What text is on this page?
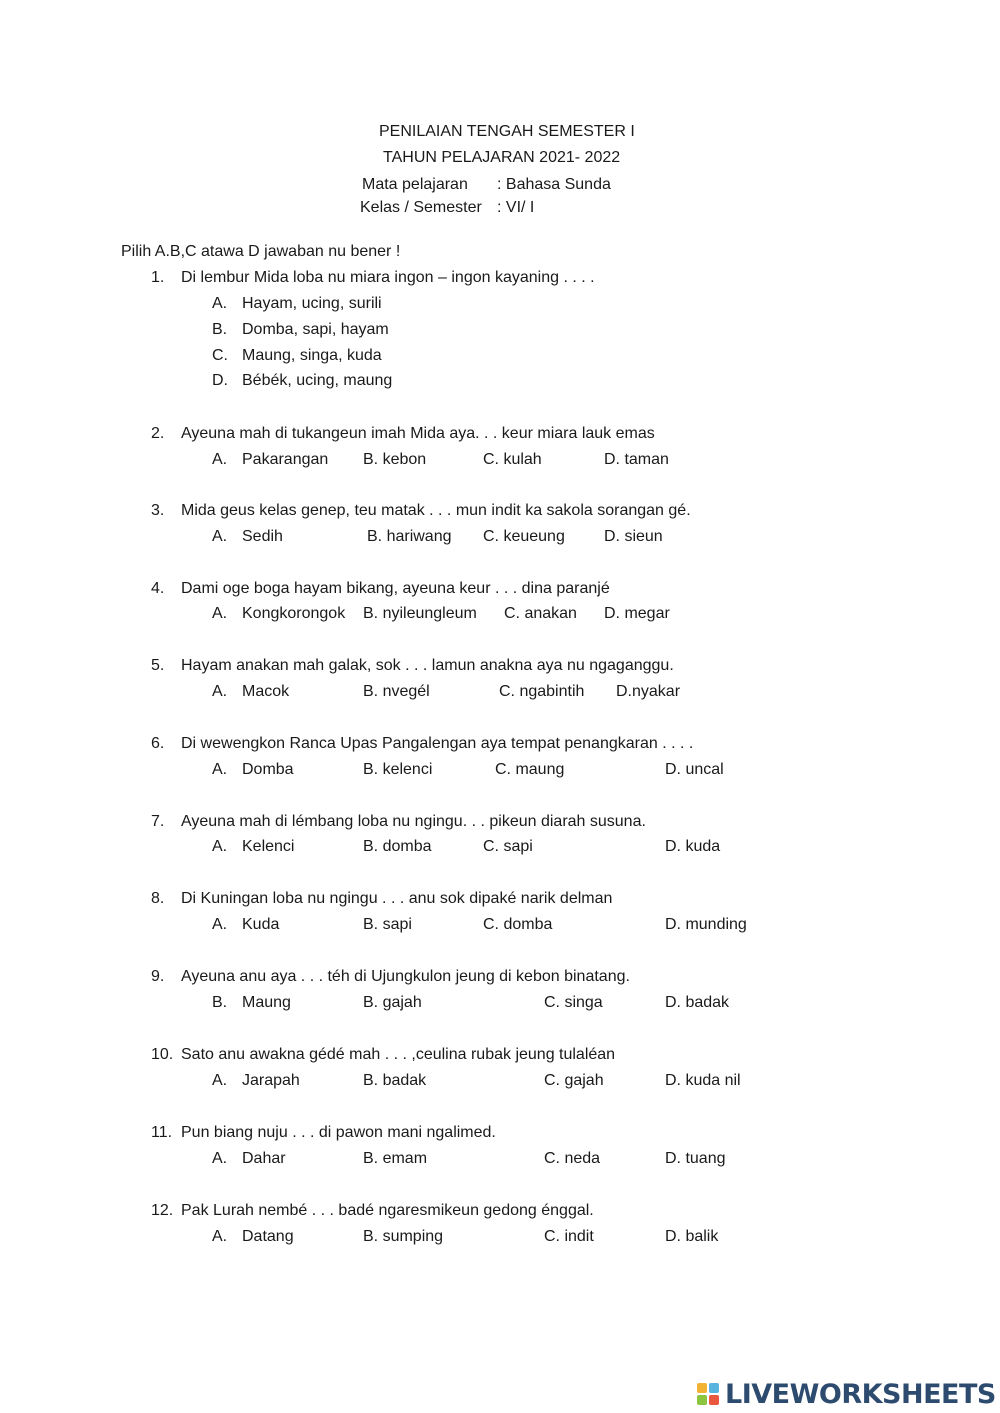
PENILAIAN TENGAH SEMESTER I
TAHUN PELAJARAN 2021- 2022
Mata pelajaran : Bahasa Sunda
Kelas / Semester : VI/ I
Pilih A.B,C atawa D jawaban nu bener !
1. Di lembur Mida loba nu miara ingon – ingon kayaning . . . .
A. Hayam, ucing, surili
B. Domba, sapi, hayam
C. Maung, singa, kuda
D. Bébék, ucing, maung
2. Ayeuna mah di tukangeun imah Mida aya. . . keur miara lauk emas
A. Pakarangan B. kebon	C. kulah	D. taman
3. Mida geus kelas genep, teu matak . . . mun indit ka sakola sorangan gé.
A. Sedih	B. hariwang C. keueung D. sieun
4. Dami oge boga hayam bikang, ayeuna keur . . . dina paranjé
A. Kongkorongok B. nyileungleum C. anakan D. megar
5. Hayam anakan mah galak, sok . . . lamun anakna aya nu ngaganggu.
A. Macok	B. nvegél	C. ngabintih D.nyakar
6. Di wewengkon Ranca Upas Pangalengan aya tempat penangkaran . . . .
A. Domba	B. kelenci	C. maung	D. uncal
7. Ayeuna mah di lémbang loba nu ngingu. . . pikeun diarah susuna.
A. Kelenci	B. domba	C. sapi	D. kuda
8. Di Kuningan loba nu ngingu . . . anu sok dipaké narik delman
A. Kuda	B. sapi	C. domba	D. munding
9. Ayeuna anu aya . . . téh di Ujungkulon jeung di kebon binatang.
B. Maung	B. gajah	C. singa	D. badak
10. Sato anu awakna gédé mah . . . ,ceulina rubak jeung tulaléan
A. Jarapah	B. badak	C. gajah	D. kuda nil
11. Pun biang nuju . . . di pawon mani ngalimed.
A. Dahar	B. emam	C. neda	D. tuang
12. Pak Lurah nembé . . . badé ngaresmikeun gedong énggal.
A. Datang	B. sumping	C. indit	D. balik
LIVEWORKSHEETS
